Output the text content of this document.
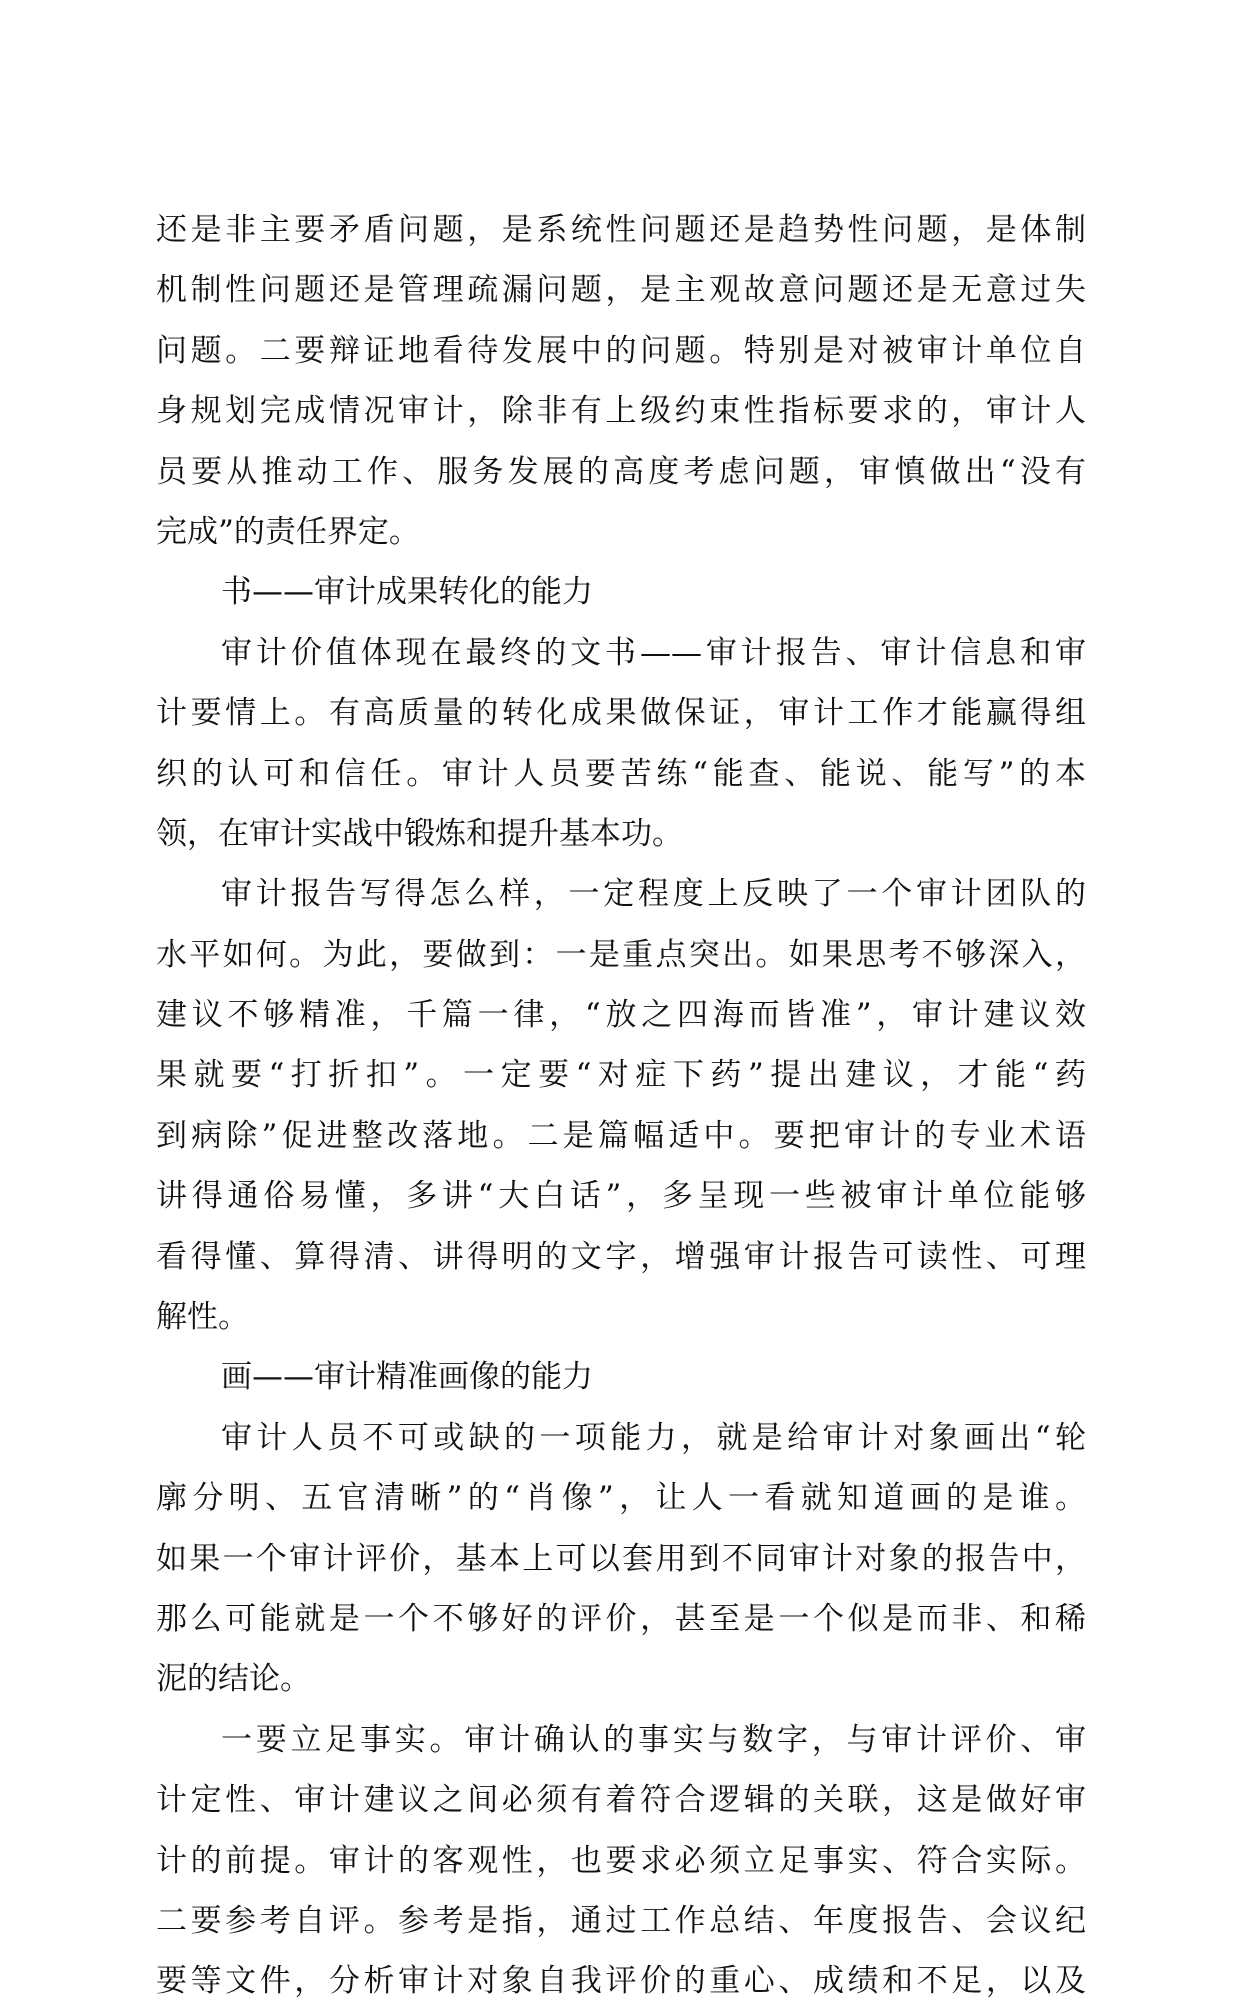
还是非主要矛盾问题，是系统性问题还是趋势性问题，是体制
机制性问题还是管理疏漏问题，是主观故意问题还是无意过失
问题。二要辩证地看待发展中的问题。特别是对被审计单位自
身规划完成情况审计，除非有上级约束性指标要求的，审计人
员要从推动工作、服务发展的高度考虑问题，审慎做出“没有
完成”的责任界定。
书——审计成果转化的能力
审计价值体现在最终的文书——审计报告、审计信息和审
计要情上。有高质量的转化成果做保证，审计工作才能赢得组
织的认可和信任。审计人员要苦练“能查、能说、能写”的本
领，在审计实战中锻炼和提升基本功。
审计报告写得怎么样，一定程度上反映了一个审计团队的
水平如何。为此，要做到：一是重点突出。如果思考不够深入，
建议不够精准，千篇一律，“放之四海而皆准”，审计建议效
果就要“打折扣”。一定要“对症下药”提出建议，才能“药
到病除”促进整改落地。二是篇幅适中。要把审计的专业术语
讲得通俗易懂，多讲“大白话”，多呈现一些被审计单位能够
看得懂、算得清、讲得明的文字，增强审计报告可读性、可理
解性。
画——审计精准画像的能力
审计人员不可或缺的一项能力，就是给审计对象画出“轮
廓分明、五官清晰”的“肖像”，让人一看就知道画的是谁。
如果一个审计评价，基本上可以套用到不同审计对象的报告中，
那么可能就是一个不够好的评价，甚至是一个似是而非、和稀
泥的结论。
一要立足事实。审计确认的事实与数字，与审计评价、审
计定性、审计建议之间必须有着符合逻辑的关联，这是做好审
计的前提。审计的客观性，也要求必须立足事实、符合实际。
二要参考自评。参考是指，通过工作总结、年度报告、会议纪
要等文件，分析审计对象自我评价的重心、成绩和不足，以及
